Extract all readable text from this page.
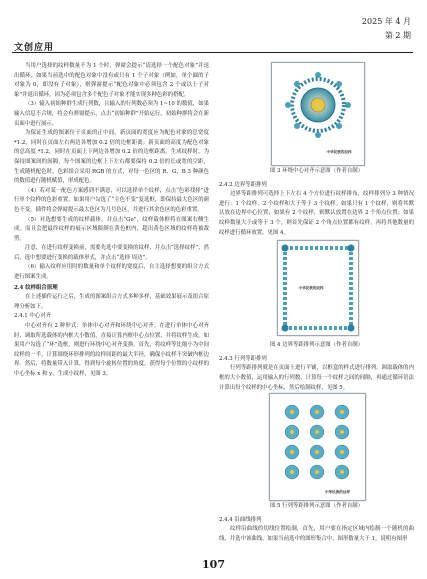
文创应用
2025 年 4 月
第 2 期

当用户选择的纹样数量不为 1 个时，弹窗会提示“请选择一个配色对象”并退出循环；如果当前选中的配色对象中没有或只有 1 个子对象（例如，单个圆的子对象为 0，即没有子对象），则弹窗提示“配色对象中必须包含 2 个或以上子对象”并退出循环，因为必须包含多个配色子对象才能实现多种色彩的搭配。

（3）输入初始种群生成行列数，且输入的行列数必须为 1~10 的数值，如果输入信息不合规，将会有弹窗提示，点击“初始种群”开始运行，初始种群将会在新页面中进行展示。

为保证生成的图案位于页面的正中间，新页面的宽度应为配色对象的总宽度 *1.2，同时在页面左右两边各增加 0.2 倍的边框距离；新页面的高度为配色对象的总高度 *1.2，同时在页面上下两边各增加 0.2 倍的边框距离。生成纹样时，为保持图案间的间隔，每个图案的边框上下左右都要保持 0.2 倍的长或宽的空距，生成随机配色时，色彩组合采用 RGB 的方式，对每一色区的 R、G、B 3 种颜色的数值进行随机赋值，形成配色。

（4）若对某一配色方案感到不满意，可以选择单个纹样，点击“色彩找择”进行单个纹样的色彩重置。如果用户勾选了“主色不变”复选框，即保持最大色区的颜色不变，插件将会弹窗提示最大色区为几号色区，并进行其余色区的色彩重置。

（5）对选想要生成的纹样载体，并点击“Go”，纹样载体框将在图案右侧生成。而且会把最终纹样的展示区域限制在黄色框内，超出黄色区域的纹样将被裁剪。

注意，在进行纹样变换前，需要先选中要变换的纹样，并点击“选择纹样”，然后，选中想要进行变换的载体形式，并点击“选择 周边”。

（6）输入纹样应用时的数量和单个纹样的宽度后，自主选择想要的组合方式进行图案生成。

2.4 纹样组合原理

在上述插件运行之后，生成的图案组合方式多种多样，基础效果展示及组合原理分析如下。

2.4.1 中心对齐

中心对齐有 2 种形式：单体中心对齐和环绕中心对齐。在进行单体中心对齐时，调取所选载体的内框大小数值，直接计算内框中心点位置，并将纹样生成。如果用户勾选了“环”选框，则进行环绕中心对齐变换。首先，将纹样等比缩小为中间纹样的一半，计算围绕环形排列的纹样间距的最大半径，确保小纹样不突破内框边界。然后，将数量带入计算，得到每个旋转位置的角度，获得每个位置的小纹样的中心坐标 x 和 y，生成小纹样，见图 3。

中华民族的纹样

图 3 环绕中心对齐示意图（作者自制）

2.4.2 边界等距排列

边界等距排列可选择上下左右 4 个方位进行纹样排布，纹样排列分 3 种情况进行：1 个纹样、2 个纹样和大于等于 3 个纹样。如果只有 1 个纹样，则将其默认放在边界中心位置；如果有 2 个纹样，则默认放置在边界 2 个角点位置；如果纹样数量大于或等于 3 个，则首先保证 2 个角点位置都有纹样，再将其他数量的纹样进行循环放置，见图 4。

中华民族的纹样

图 4 边界等距排列示意图（作者自制）

2.4.3 行列等距排列

行列等距排列就是在页面上进行平铺，以框盒的样式进行排列。调取载体的内框的大小数值，运用输入的行列数，计算每一个纹样之间的间隔，再通过循环语法计算出每个纹样的中心坐标，然后绘制纹样，见图 5。

中华民族的纹样

图 5 行列等距排列示意图（作者自制）

2.4.4 沿曲线排列

纹样沿曲线的切线位置绘制，首先，用户要在指定区域内绘制一个随机的曲线，并选中该曲线。如果当前选中的图形集合中，图形数量大于 1，说明有图形

107
